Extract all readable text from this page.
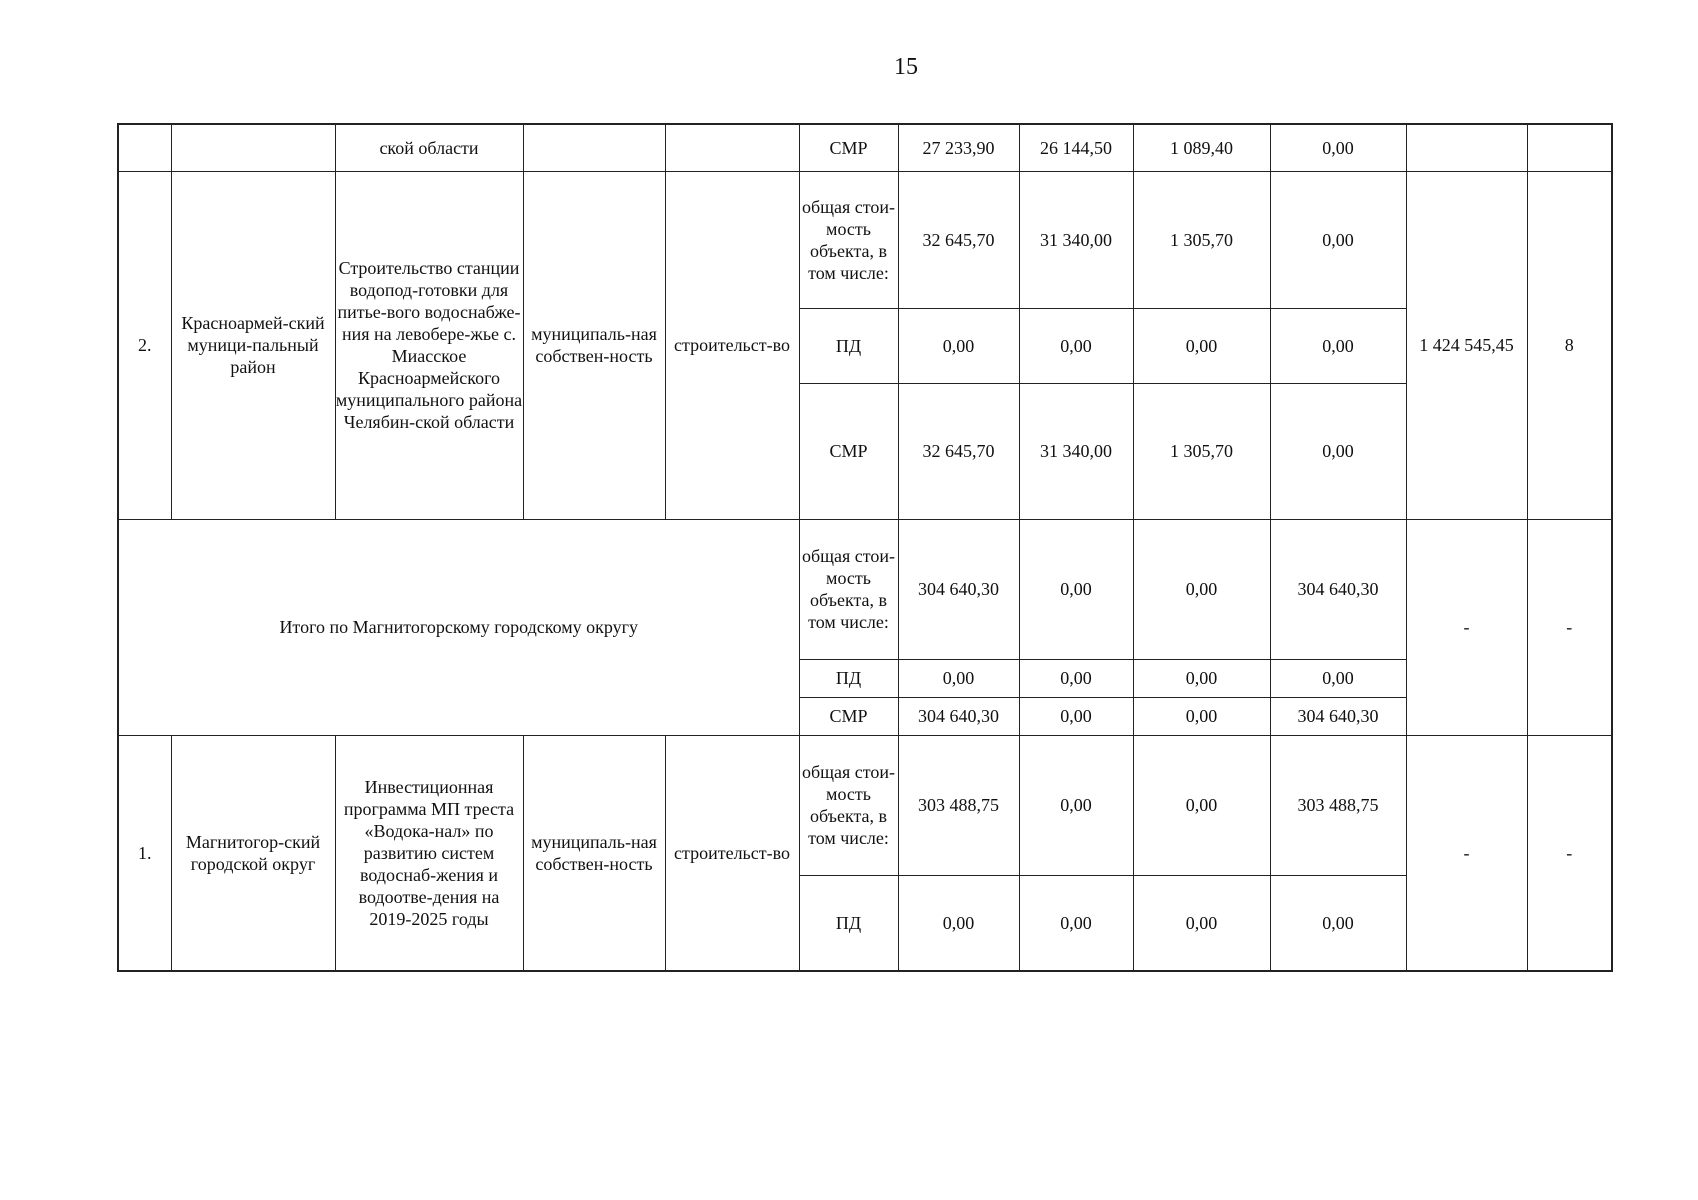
15
		ской области			СМР	27 233,90	26 144,50	1 089,40	0,00		
2.	Красноармей-ский муници-пальный район	Строительство станции водопод-готовки для питье-вого водоснабже-ния на левобере-жье с. Миасское Красноармейского муниципального района Челябин-ской области	муниципаль-ная собствен-ность	строительст-во	общая стои-мость объекта, в том числе:	32 645,70	31 340,00	1 305,70	0,00	1 424 545,45	8
					ПД	0,00	0,00	0,00	0,00		
					СМР	32 645,70	31 340,00	1 305,70	0,00		
Итого по Магнитогорскому городскому округу					общая стои-мость объекта, в том числе:	304 640,30	0,00	0,00	304 640,30	-	-
					ПД	0,00	0,00	0,00	0,00		
					СМР	304 640,30	0,00	0,00	304 640,30		
1.	Магнитогор-ский городской округ	Инвестиционная программа МП треста «Водока-нал» по развитию систем водоснаб-жения и водоотве-дения на 2019-2025 годы	муниципаль-ная собствен-ность	строительст-во	общая стои-мость объекта, в том числе:	303 488,75	0,00	0,00	303 488,75	-	-
					ПД	0,00	0,00	0,00	0,00		
